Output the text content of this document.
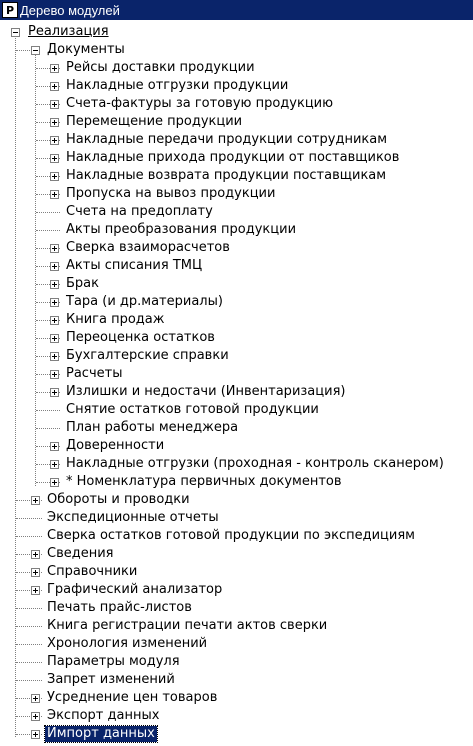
P Дерево модулей
Реализация
Документы
Рейсы доставки продукции
Накладные отгрузки продукции
Счета-фактуры за готовую продукцию
Перемещение продукции
Накладные передачи продукции сотрудникам
Накладные прихода продукции от поставщиков
Накладные возврата продукции поставщикам
Пропуска на вывоз продукции
Счета на предоплату
Акты преобразования продукции
Сверка взаиморасчетов
Акты списания ТМЦ
Брак
Тара (и др.материалы)
Книга продаж
Переоценка остатков
Бухгалтерские справки
Расчеты
Излишки и недостачи (Инвентаризация)
Снятие остатков готовой продукции
План работы менеджера
Доверенности
Накладные отгрузки (проходная - контроль сканером)
* Номенклатура первичных документов
Обороты и проводки
Экспедиционные отчеты
Сверка остатков готовой продукции по экспедициям
Сведения
Справочники
Графический анализатор
Печать прайс-листов
Книга регистрации печати актов сверки
Хронология изменений
Параметры модуля
Запрет изменений
Усреднение цен товаров
Экспорт данных
Импорт данных
